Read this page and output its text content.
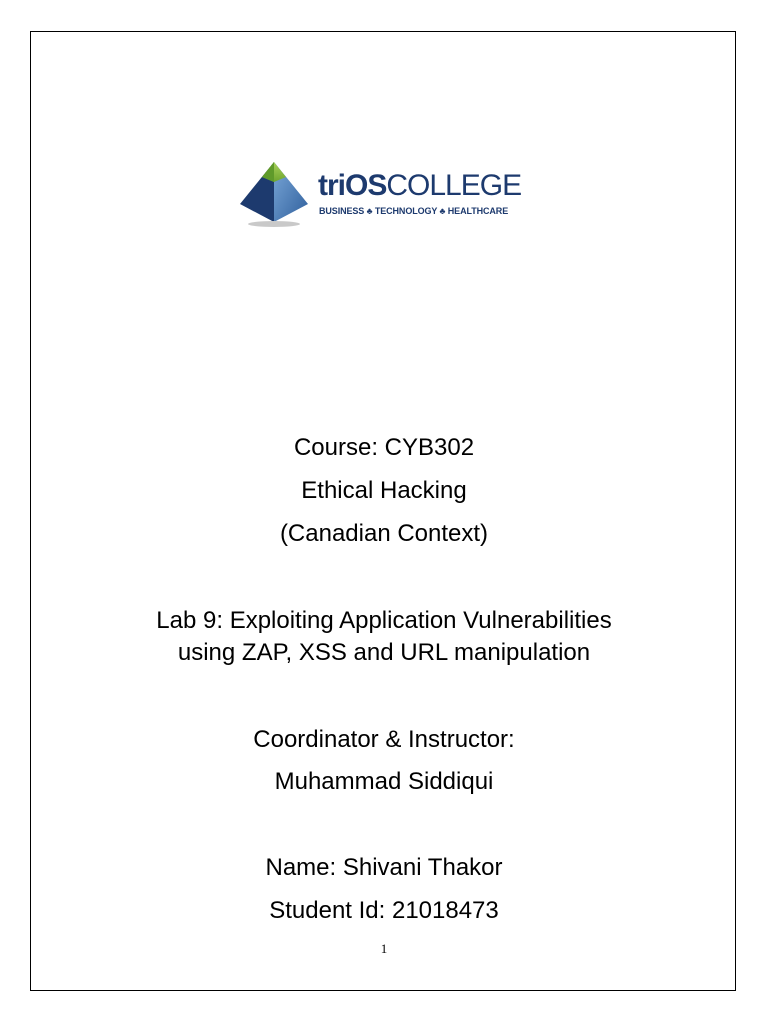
triOSCOLLEGE
BUSINESS ♣ TECHNOLOGY ♣ HEALTHCARE
Course: CYB302
Ethical Hacking
(Canadian Context)
Lab 9: Exploiting Application Vulnerabilities
using ZAP, XSS and URL manipulation
Coordinator & Instructor:
Muhammad Siddiqui
Name: Shivani Thakor
Student Id: 21018473
1
